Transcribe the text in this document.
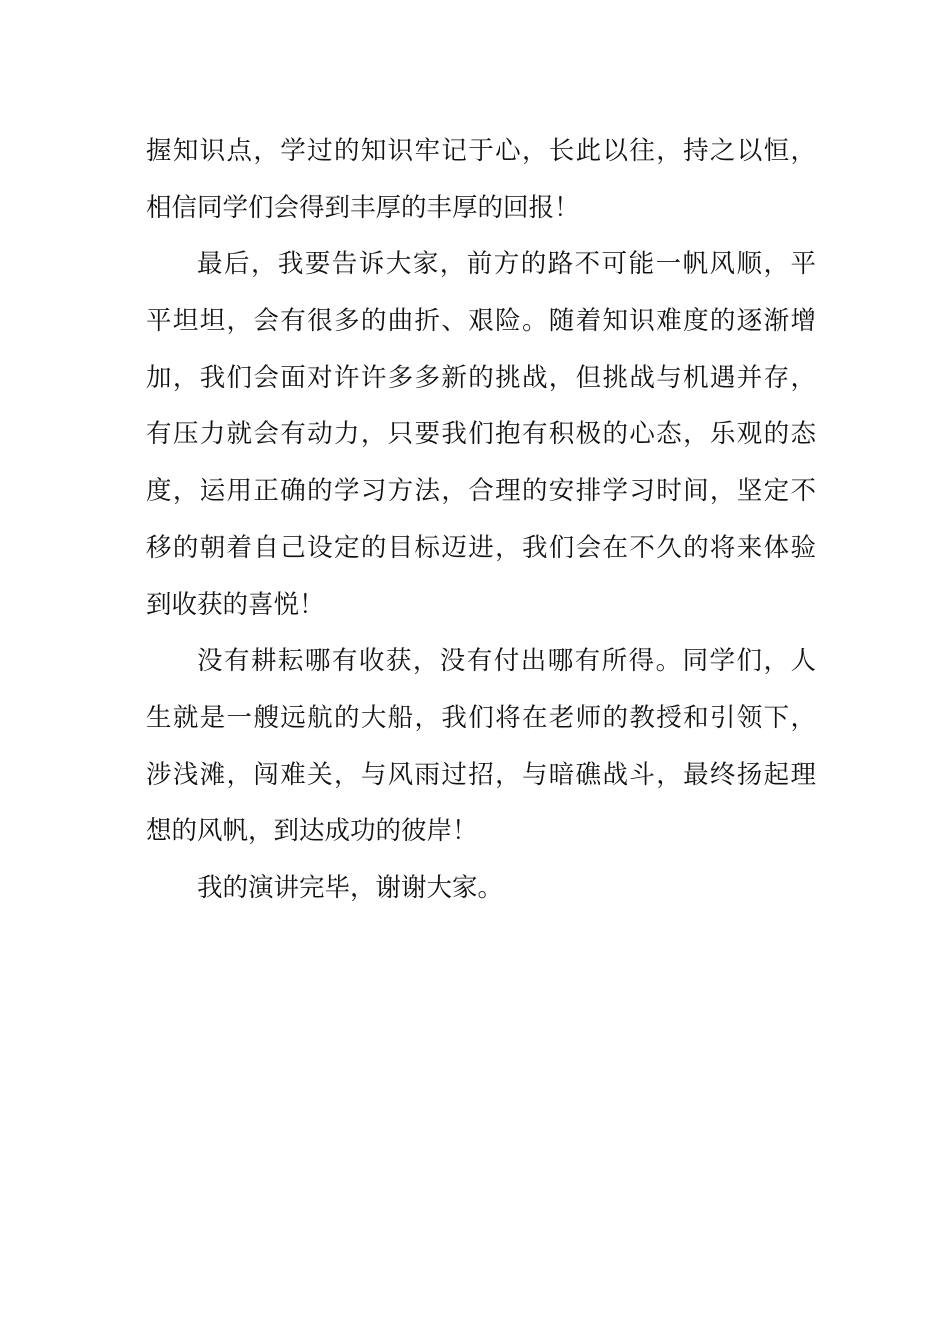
握知识点，学过的知识牢记于心，长此以往，持之以恒，
相信同学们会得到丰厚的丰厚的回报！
最后，我要告诉大家，前方的路不可能一帆风顺，平
平坦坦，会有很多的曲折、艰险。随着知识难度的逐渐增
加，我们会面对许许多多新的挑战，但挑战与机遇并存，
有压力就会有动力，只要我们抱有积极的心态，乐观的态
度，运用正确的学习方法，合理的安排学习时间，坚定不
移的朝着自己设定的目标迈进，我们会在不久的将来体验
到收获的喜悦！
没有耕耘哪有收获，没有付出哪有所得。同学们，人
生就是一艘远航的大船，我们将在老师的教授和引领下，
涉浅滩，闯难关，与风雨过招，与暗礁战斗，最终扬起理
想的风帆，到达成功的彼岸！
我的演讲完毕，谢谢大家。
